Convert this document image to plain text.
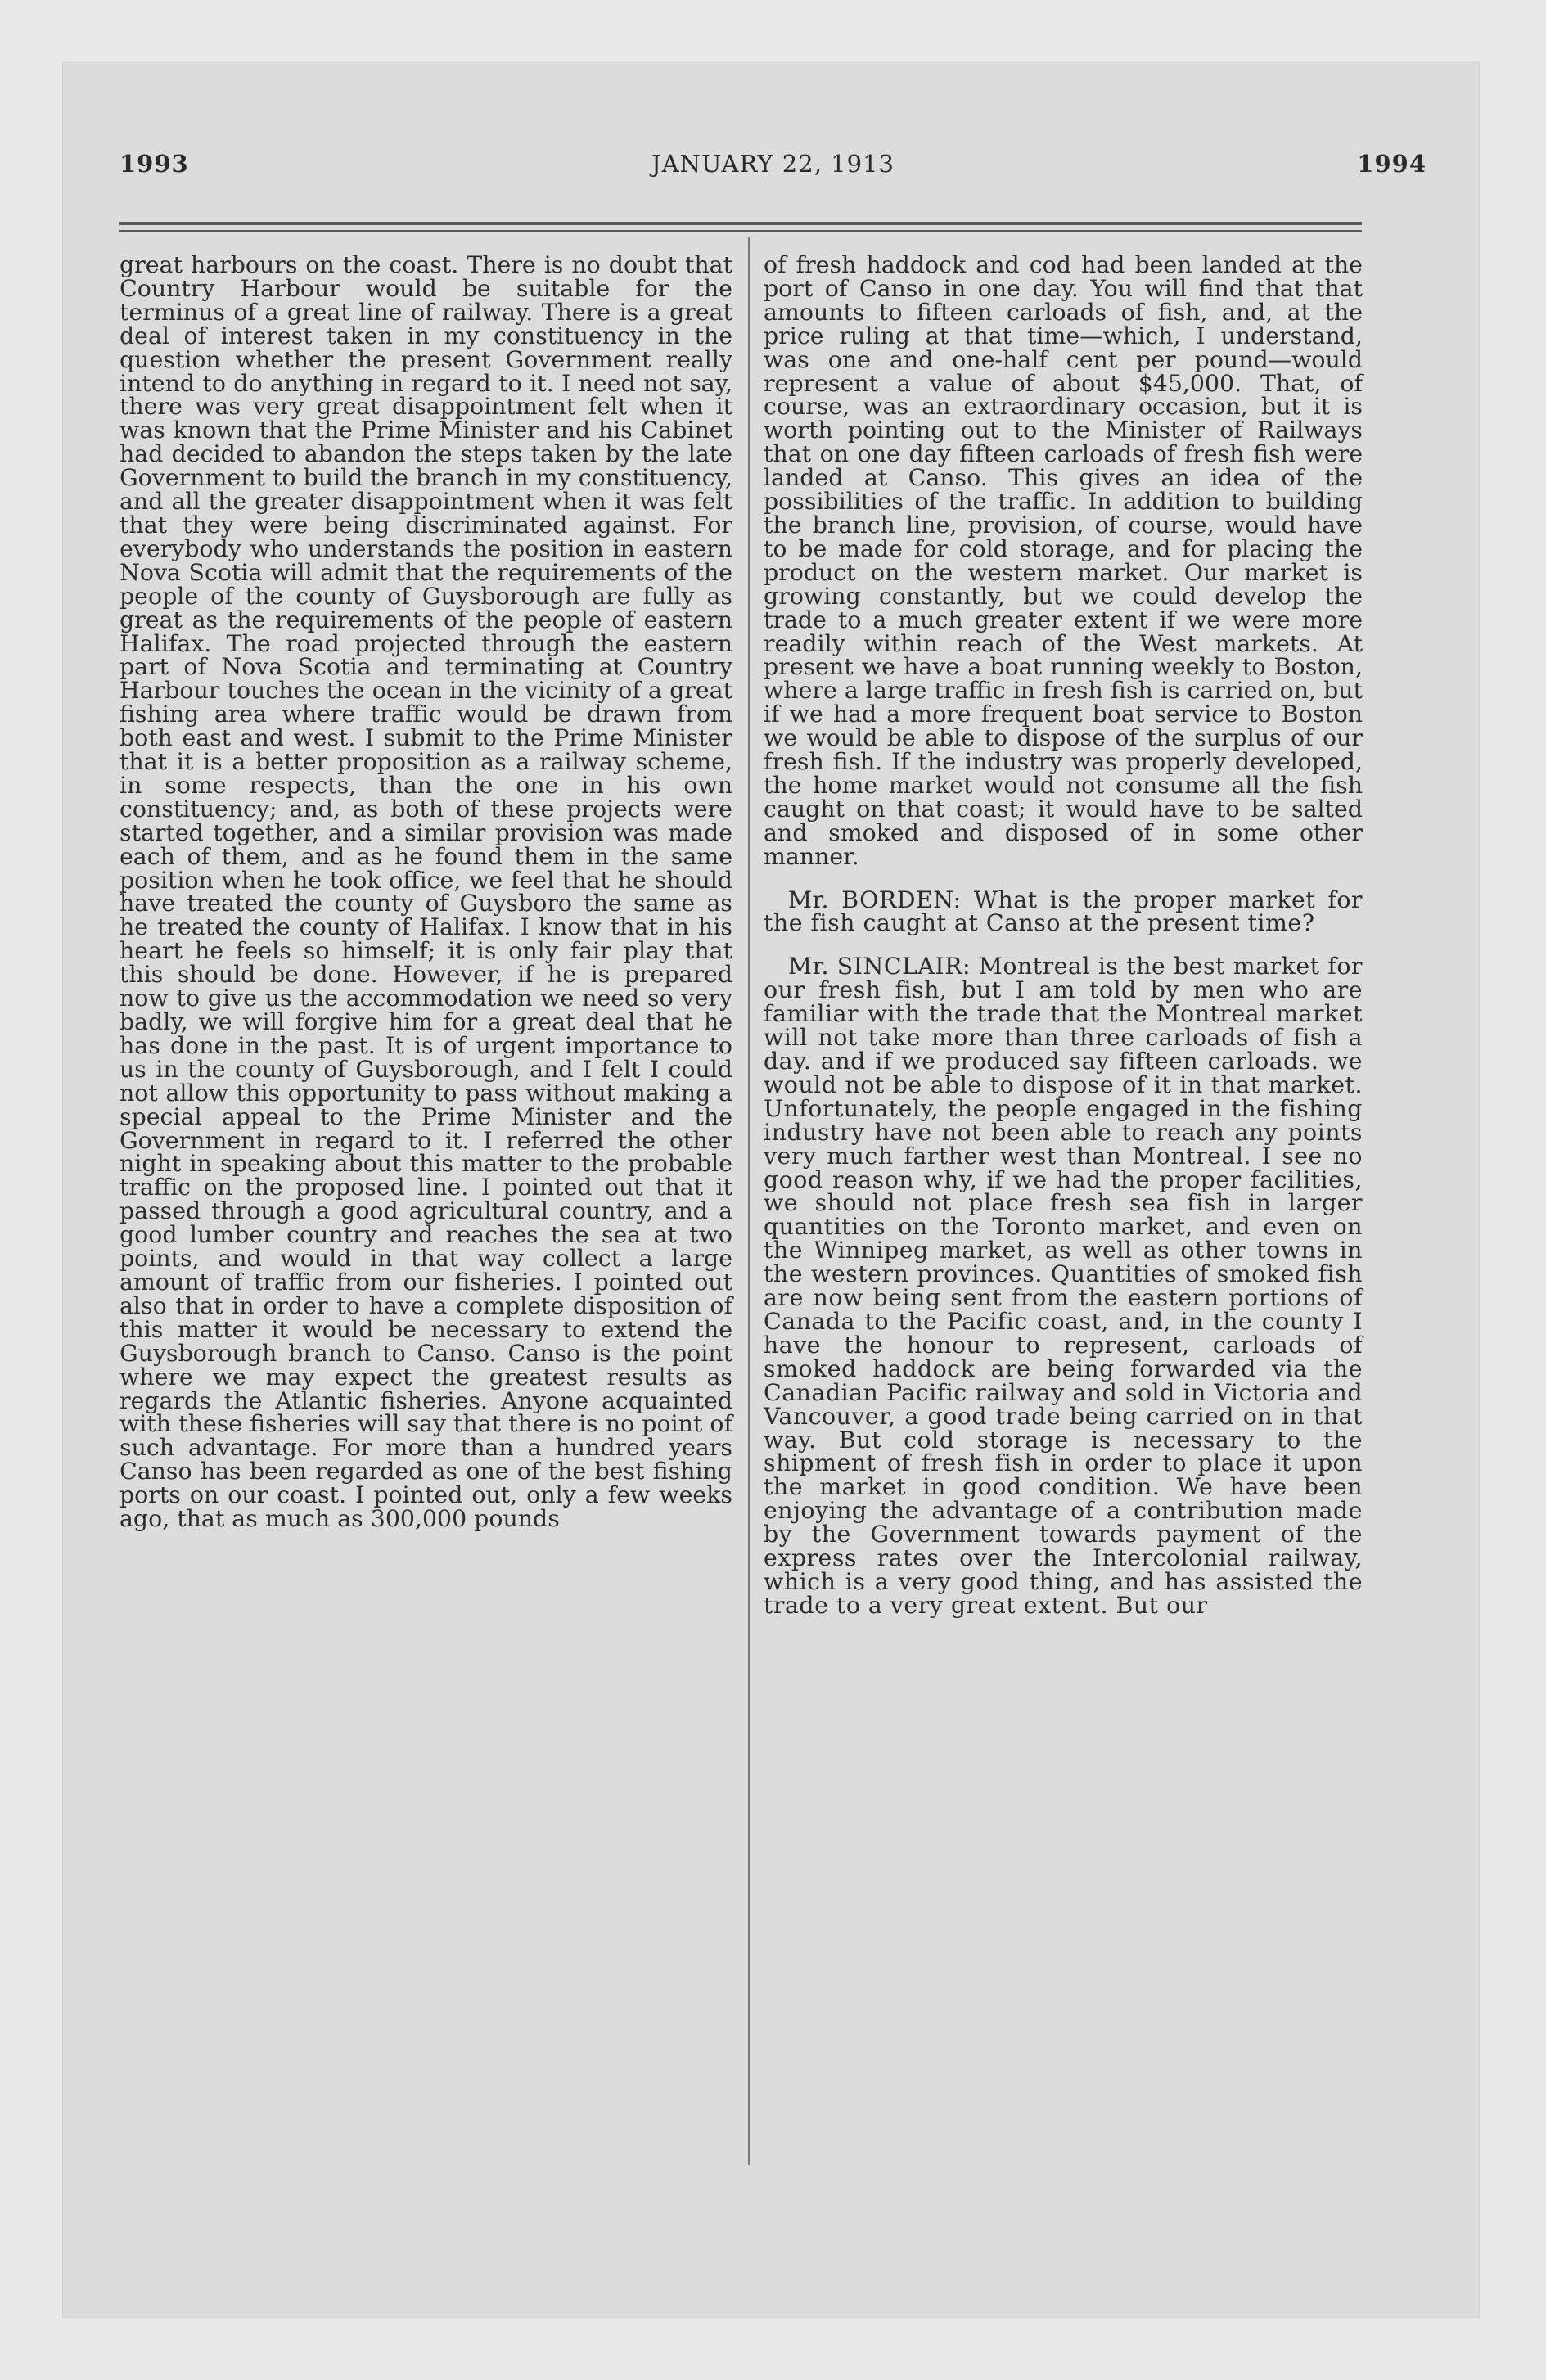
1993	JANUARY 22, 1913	1994

great harbours on the coast. There is no doubt that Country Harbour would be suitable for the terminus of a great line of railway. There is a great deal of interest taken in my constituency in the question whether the present Government really intend to do anything in regard to it. I need not say, there was very great disappointment felt when it was known that the Prime Minister and his Cabinet had decided to abandon the steps taken by the late Government to build the branch in my constituency, and all the greater disappointment when it was felt that they were being discriminated against. For everybody who understands the position in eastern Nova Scotia will admit that the requirements of the people of the county of Guysborough are fully as great as the requirements of the people of eastern Halifax. The road projected through the eastern part of Nova Scotia and terminating at Country Harbour touches the ocean in the vicinity of a great fishing area where traffic would be drawn from both east and west. I submit to the Prime Minister that it is a better proposition as a railway scheme, in some respects, than the one in his own constituency; and, as both of these projects were started together, and a similar provision was made each of them, and as he found them in the same position when he took office, we feel that he should have treated the county of Guysboro the same as he treated the county of Halifax. I know that in his heart he feels so himself; it is only fair play that this should be done. However, if he is prepared now to give us the accommodation we need so very badly, we will forgive him for a great deal that he has done in the past. It is of urgent importance to us in the county of Guysborough, and I felt I could not allow this opportunity to pass without making a special appeal to the Prime Minister and the Government in regard to it. I referred the other night in speaking about this matter to the probable traffic on the proposed line. I pointed out that it passed through a good agricultural country, and a good lumber country and reaches the sea at two points, and would in that way collect a large amount of traffic from our fisheries. I pointed out also that in order to have a complete disposition of this matter it would be necessary to extend the Guysborough branch to Canso. Canso is the point where we may expect the greatest results as regards the Atlantic fisheries. Anyone acquainted with these fisheries will say that there is no point of such advantage. For more than a hundred years Canso has been regarded as one of the best fishing ports on our coast. I pointed out, only a few weeks ago, that as much as 300,000 pounds

of fresh haddock and cod had been landed at the port of Canso in one day. You will find that that amounts to fifteen carloads of fish, and, at the price ruling at that time—which, I understand, was one and one-half cent per pound—would represent a value of about $45,000. That, of course, was an extraordinary occasion, but it is worth pointing out to the Minister of Railways that on one day fifteen carloads of fresh fish were landed at Canso. This gives an idea of the possibilities of the traffic. In addition to building the branch line, provision, of course, would have to be made for cold storage, and for placing the product on the western market. Our market is growing constantly, but we could develop the trade to a much greater extent if we were more readily within reach of the West markets. At present we have a boat running weekly to Boston, where a large traffic in fresh fish is carried on, but if we had a more frequent boat service to Boston we would be able to dispose of the surplus of our fresh fish. If the industry was properly developed, the home market would not consume all the fish caught on that coast; it would have to be salted and smoked and disposed of in some other manner.

Mr. BORDEN: What is the proper market for the fish caught at Canso at the present time?

Mr. SINCLAIR: Montreal is the best market for our fresh fish, but I am told by men who are familiar with the trade that the Montreal market will not take more than three carloads of fish a day. and if we produced say fifteen carloads. we would not be able to dispose of it in that market. Unfortunately, the people engaged in the fishing industry have not been able to reach any points very much farther west than Montreal. I see no good reason why, if we had the proper facilities, we should not place fresh sea fish in larger quantities on the Toronto market, and even on the Winnipeg market, as well as other towns in the western provinces. Quantities of smoked fish are now being sent from the eastern portions of Canada to the Pacific coast, and, in the county I have the honour to represent, carloads of smoked haddock are being forwarded via the Canadian Pacific railway and sold in Victoria and Vancouver, a good trade being carried on in that way. But cold storage is necessary to the shipment of fresh fish in order to place it upon the market in good condition. We have been enjoying the advantage of a contribution made by the Government towards payment of the express rates over the Intercolonial railway, which is a very good thing, and has assisted the trade to a very great extent. But our
